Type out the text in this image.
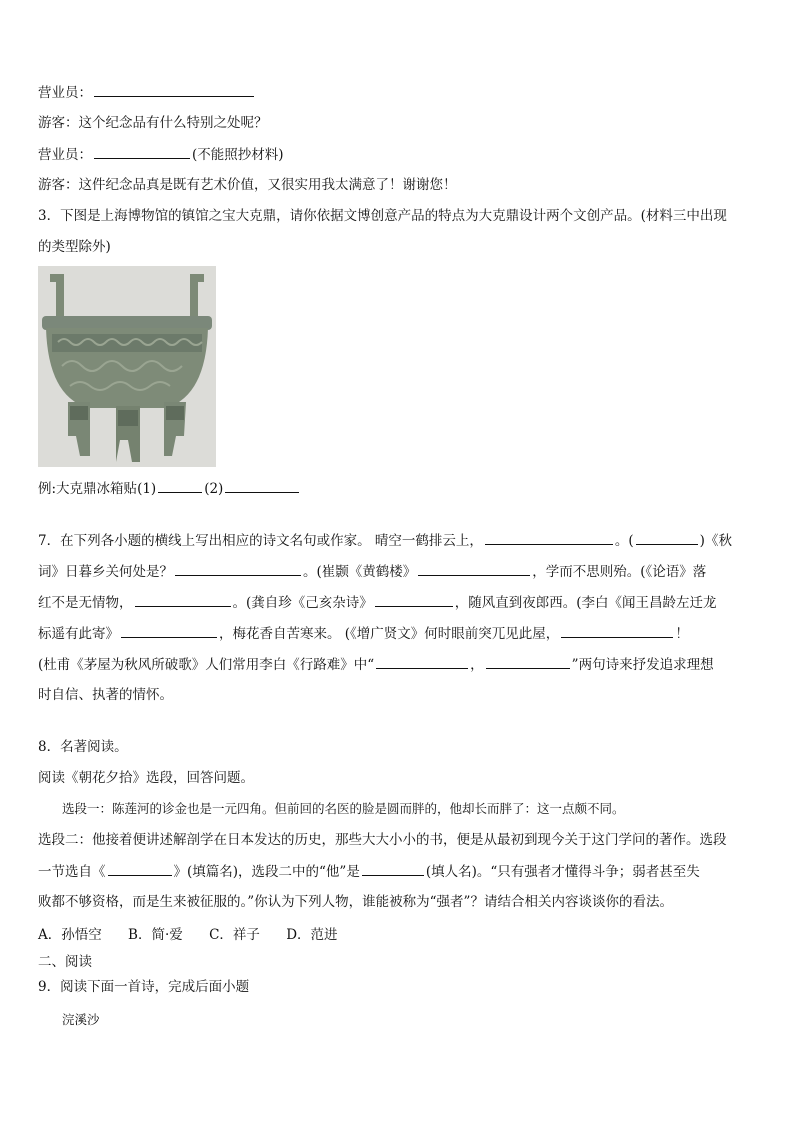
营业员：
游客：这个纪念品有什么特别之处呢？
营业员：	(不能照抄材料)
游客：这件纪念品真是既有艺术价值，又很实用我太满意了！谢谢您！
3．下图是上海博物馆的镇馆之宝大克鼎，请你依据文博创意产品的特点为大克鼎设计两个文创产品。(材料三中出现
的类型除外)
例:大克鼎冰箱贴(1)	(2)
7．在下列各小题的横线上写出相应的诗文名句或作家。 晴空一鹤排云上，	。(	)《秋
词》日暮乡关何处是？	。(崔颢《黄鹤楼》	，学而不思则殆。(《论语》落
红不是无情物，	。(龚自珍《己亥杂诗》	，随风直到夜郎西。(李白《闻王昌龄左迁龙
标遥有此寄》	，梅花香自苦寒来。 (《增广贤文》何时眼前突兀见此屋，	！
(杜甫《茅屋为秋风所破歌》人们常用李白《行路难》中“	，	”两句诗来抒发追求理想
时自信、执著的情怀。
8．名著阅读。
阅读《朝花夕拾》选段，回答问题。
选段一：陈莲河的诊金也是一元四角。但前回的名医的脸是圆而胖的，他却长而胖了：这一点颇不同。
选段二：他接着便讲述解剖学在日本发达的历史，那些大大小小的书，便是从最初到现今关于这门学问的著作。选段
一节选自《	》(填篇名)，选段二中的“他”是	(填人名)。“只有强者才懂得斗争；弱者甚至失
败都不够资格，而是生来被征服的。”你认为下列人物，谁能被称为“强者”？请结合相关内容谈谈你的看法。
A．孙悟空 B．简·爱 C．祥子 D．范进
二、阅读
9．阅读下面一首诗，完成后面小题
浣溪沙
